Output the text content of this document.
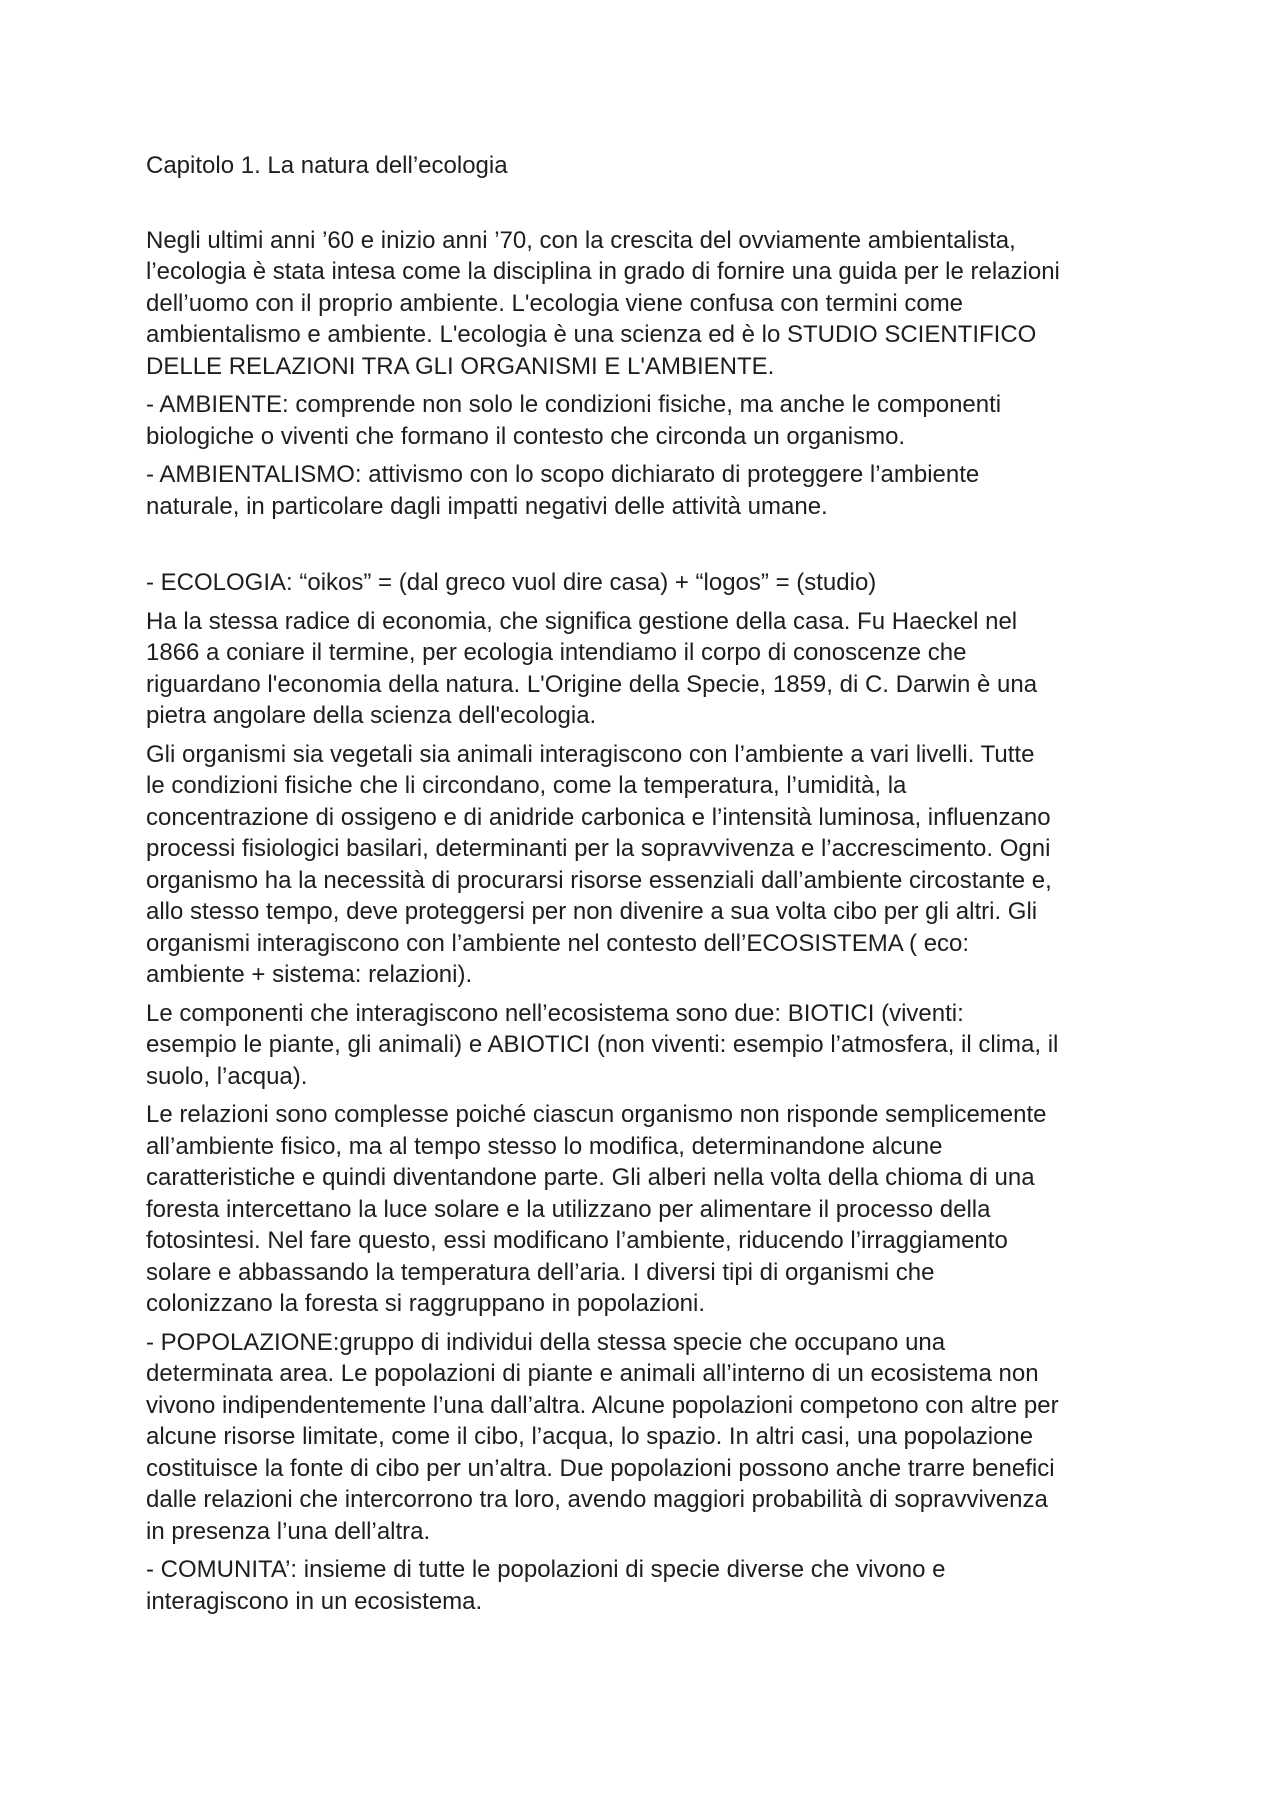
Capitolo 1. La natura dell’ecologia
Negli ultimi anni ’60 e inizio anni ’70, con la crescita del ovviamente ambientalista,
l’ecologia è stata intesa come la disciplina in grado di fornire una guida per le relazioni
dell’uomo con il proprio ambiente. L'ecologia viene confusa con termini come
ambientalismo e ambiente. L'ecologia è una scienza ed è lo STUDIO SCIENTIFICO
DELLE RELAZIONI TRA GLI ORGANISMI E L'AMBIENTE.
- AMBIENTE: comprende non solo le condizioni fisiche, ma anche le componenti
biologiche o viventi che formano il contesto che circonda un organismo.
- AMBIENTALISMO: attivismo con lo scopo dichiarato di proteggere l’ambiente
naturale, in particolare dagli impatti negativi delle attività umane.
- ECOLOGIA: “oikos” = (dal greco vuol dire casa) + “logos” = (studio)
Ha la stessa radice di economia, che significa gestione della casa. Fu Haeckel nel
1866 a coniare il termine, per ecologia intendiamo il corpo di conoscenze che
riguardano l'economia della natura. L'Origine della Specie, 1859, di C. Darwin è una
pietra angolare della scienza dell'ecologia.
Gli organismi sia vegetali sia animali interagiscono con l’ambiente a vari livelli. Tutte
le condizioni fisiche che li circondano, come la temperatura, l’umidità, la
concentrazione di ossigeno e di anidride carbonica e l’intensità luminosa, influenzano
processi fisiologici basilari, determinanti per la sopravvivenza e l’accrescimento. Ogni
organismo ha la necessità di procurarsi risorse essenziali dall’ambiente circostante e,
allo stesso tempo, deve proteggersi per non divenire a sua volta cibo per gli altri. Gli
organismi interagiscono con l’ambiente nel contesto dell’ECOSISTEMA ( eco:
ambiente + sistema: relazioni).
Le componenti che interagiscono nell’ecosistema sono due: BIOTICI (viventi:
esempio le piante, gli animali) e ABIOTICI (non viventi: esempio l’atmosfera, il clima, il
suolo, l’acqua).
Le relazioni sono complesse poiché ciascun organismo non risponde semplicemente
all’ambiente fisico, ma al tempo stesso lo modifica, determinandone alcune
caratteristiche e quindi diventandone parte. Gli alberi nella volta della chioma di una
foresta intercettano la luce solare e la utilizzano per alimentare il processo della
fotosintesi. Nel fare questo, essi modificano l’ambiente, riducendo l’irraggiamento
solare e abbassando la temperatura dell’aria. I diversi tipi di organismi che
colonizzano la foresta si raggruppano in popolazioni.
- POPOLAZIONE:gruppo di individui della stessa specie che occupano una
determinata area. Le popolazioni di piante e animali all’interno di un ecosistema non
vivono indipendentemente l’una dall’altra. Alcune popolazioni competono con altre per
alcune risorse limitate, come il cibo, l’acqua, lo spazio. In altri casi, una popolazione
costituisce la fonte di cibo per un’altra. Due popolazioni possono anche trarre benefici
dalle relazioni che intercorrono tra loro, avendo maggiori probabilità di sopravvivenza
in presenza l’una dell’altra.
- COMUNITA’: insieme di tutte le popolazioni di specie diverse che vivono e
interagiscono in un ecosistema.
